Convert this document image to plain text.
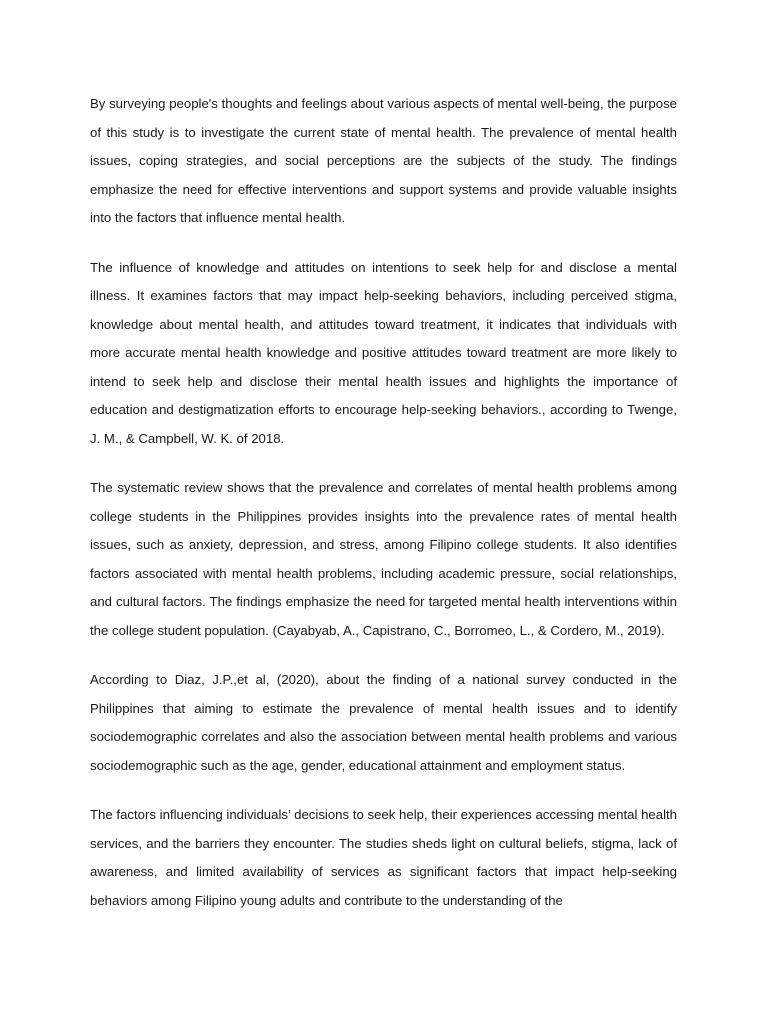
By surveying people's thoughts and feelings about various aspects of mental well-being, the purpose of this study is to investigate the current state of mental health. The prevalence of mental health issues, coping strategies, and social perceptions are the subjects of the study. The findings emphasize the need for effective interventions and support systems and provide valuable insights into the factors that influence mental health.

The influence of knowledge and attitudes on intentions to seek help for and disclose a mental illness. It examines factors that may impact help-seeking behaviors, including perceived stigma, knowledge about mental health, and attitudes toward treatment, it indicates that individuals with more accurate mental health knowledge and positive attitudes toward treatment are more likely to intend to seek help and disclose their mental health issues and highlights the importance of education and destigmatization efforts to encourage help-seeking behaviors., according to Twenge, J. M., & Campbell, W. K. of 2018.

The systematic review shows that the prevalence and correlates of mental health problems among college students in the Philippines provides insights into the prevalence rates of mental health issues, such as anxiety, depression, and stress, among Filipino college students. It also identifies factors associated with mental health problems, including academic pressure, social relationships, and cultural factors. The findings emphasize the need for targeted mental health interventions within the college student population. (Cayabyab, A., Capistrano, C., Borromeo, L., & Cordero, M., 2019).

According to Diaz, J.P.,et al, (2020), about the finding of a national survey conducted in the Philippines that aiming to estimate the prevalence of mental health issues and to identify sociodemographic correlates and also the association between mental health problems and various sociodemographic such as the age, gender, educational attainment and employment status.

The factors influencing individuals’ decisions to seek help, their experiences accessing mental health services, and the barriers they encounter. The studies sheds light on cultural beliefs, stigma, lack of awareness, and limited availability of services as significant factors that impact help-seeking behaviors among Filipino young adults and contribute to the understanding of the
